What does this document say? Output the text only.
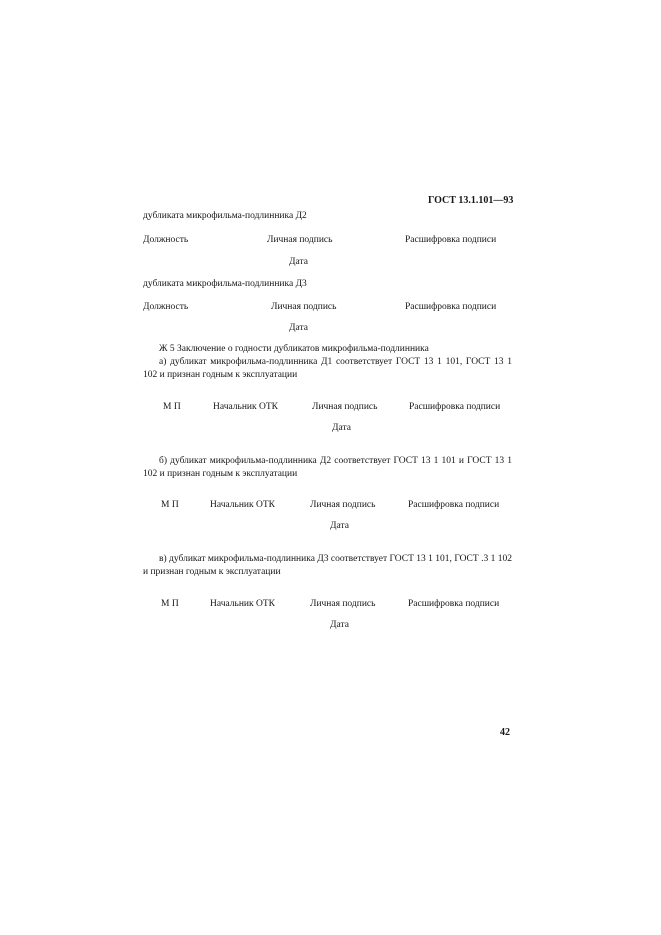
ГОСТ 13.1.101—93
дубликата микрофильма-подлинника Д2
Должность	Личная подпись	Расшифровка подписи
Дата
дубликата микрофильма-подлинника Д3
Должность	Личная подпись	Расшифровка подписи
Дата
Ж 5 Заключение о годности дубликатов микрофильма-подлинника
а) дубликат микрофильма-подлинника Д1 соответствует ГОСТ 13 1 101, ГОСТ 13 1 102 и признан годным к эксплуатации
М П	Начальник ОТК	Личная подпись	Расшифровка подписи
Дата
б) дубликат микрофильма-подлинника Д2 соответствует ГОСТ 13 1 101 и ГОСТ 13 1 102 и признан годным к эксплуатации
М П	Начальник ОТК	Личная подпись	Расшифровка подписи
Дата
в) дубликат микрофильма-подлинника Д3 соответствует ГОСТ 13 1 101, ГОСТ .3 1 102 и признан годным к эксплуатации
М П	Начальник ОТК	Личная подпись	Расшифровка подписи
Дата
42
